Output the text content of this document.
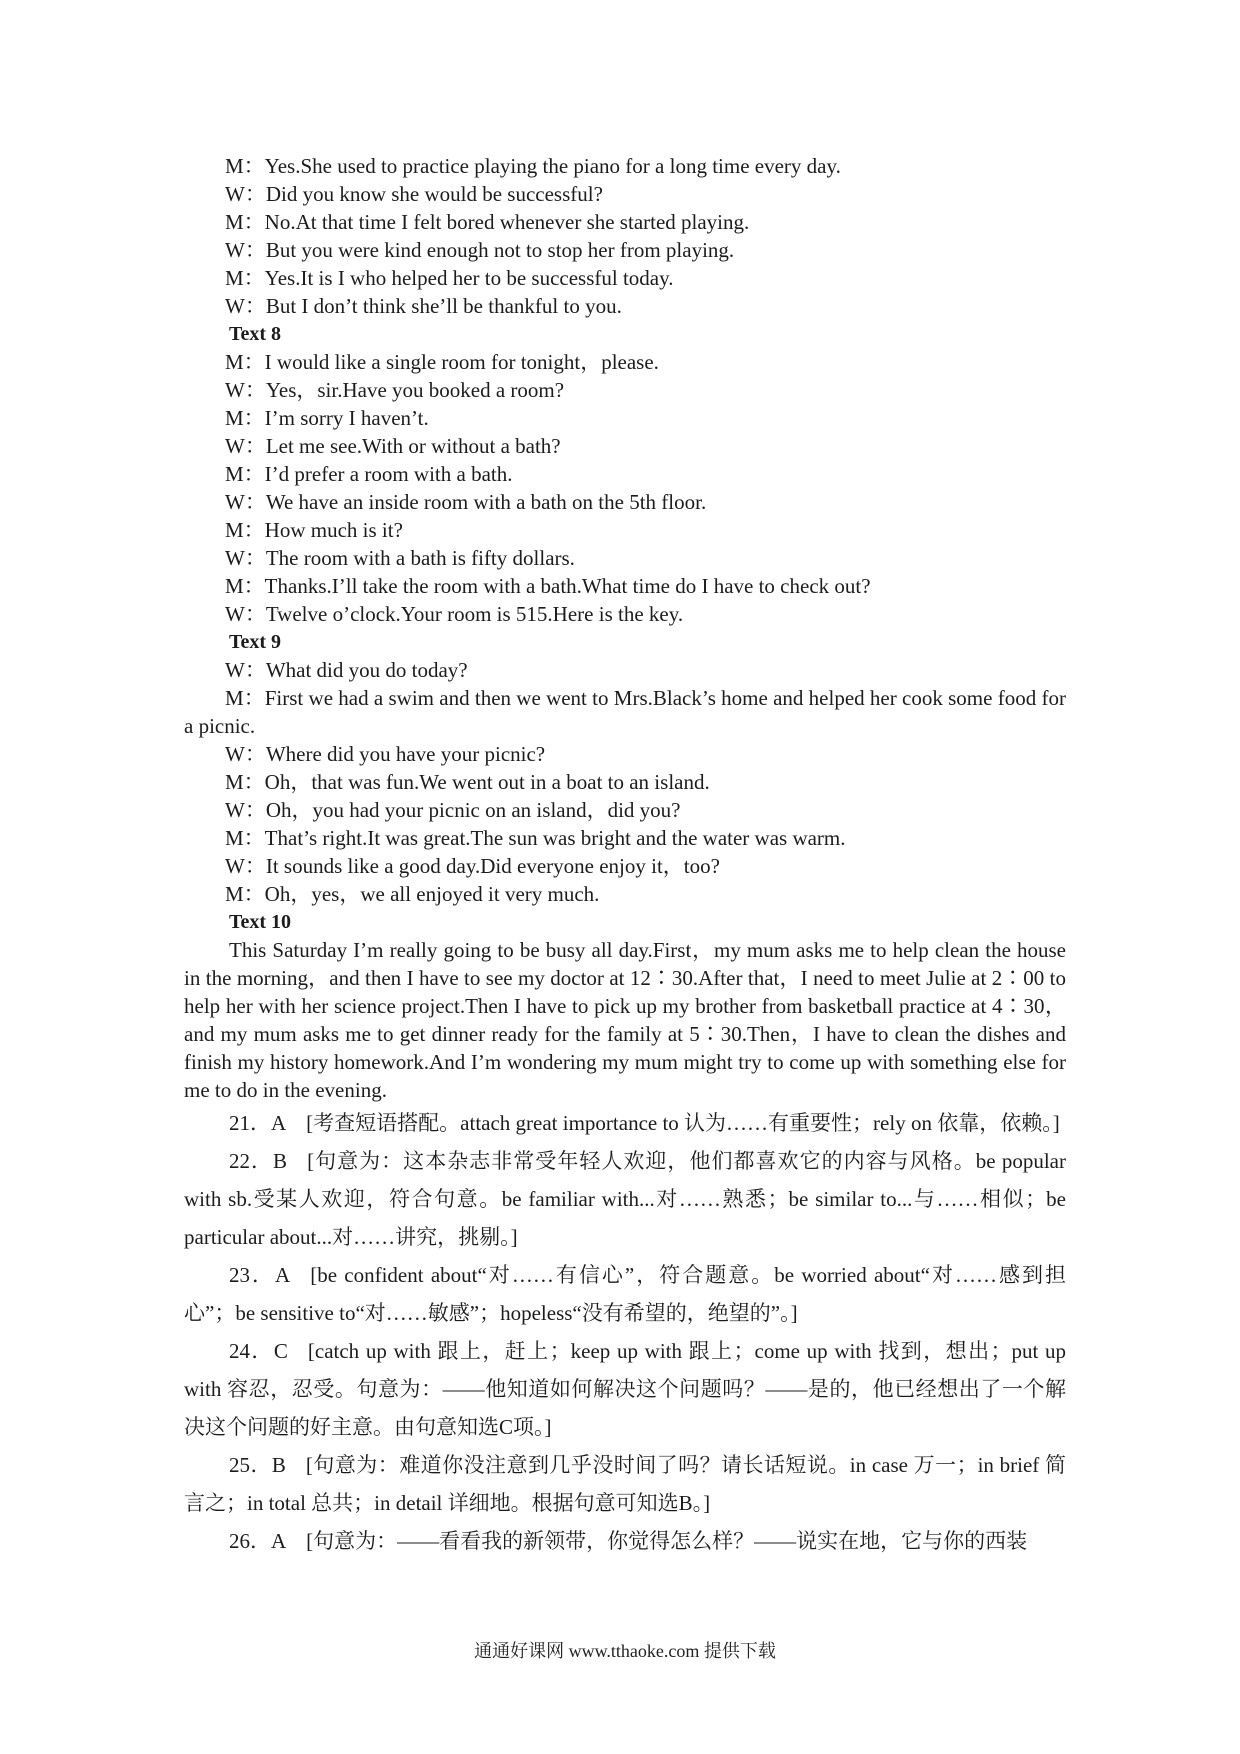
M：Yes.She used to practice playing the piano for a long time every day.

W：Did you know she would be successful?

M：No.At that time I felt bored whenever she started playing.

W：But you were kind enough not to stop her from playing.

M：Yes.It is I who helped her to be successful today.

W：But I don’t think she’ll be thankful to you.

Text 8

M：I would like a single room for tonight，please.

W：Yes，sir.Have you booked a room?

M：I’m sorry I haven’t.

W：Let me see.With or without a bath?

M：I’d prefer a room with a bath.

W：We have an inside room with a bath on the 5th floor.

M：How much is it?

W：The room with a bath is fifty dollars.

M：Thanks.I’ll take the room with a bath.What time do I have to check out?

W：Twelve o’clock.Your room is 515.Here is the key.

Text 9

W：What did you do today?

M：First we had a swim and then we went to Mrs.Black’s home and helped her cook some food for a picnic.

W：Where did you have your picnic?

M：Oh，that was fun.We went out in a boat to an island.

W：Oh，you had your picnic on an island，did you?

M：That’s right.It was great.The sun was bright and the water was warm.

W：It sounds like a good day.Did everyone enjoy it，too?

M：Oh，yes，we all enjoyed it very much.

Text 10

This Saturday I’m really going to be busy all day.First，my mum asks me to help clean the house in the morning，and then I have to see my doctor at 12∶30.After that，I need to meet Julie at 2∶00 to help her with her science project.Then I have to pick up my brother from basketball practice at 4∶30，and my mum asks me to get dinner ready for the family at 5∶30.Then，I have to clean the dishes and finish my history homework.And I’m wondering my mum might try to come up with something else for me to do in the evening.

21．A [考查短语搭配。attach great importance to 认为……有重要性；rely on 依靠，依赖。]

22．B [句意为：这本杂志非常受年轻人欢迎，他们都喜欢它的内容与风格。be popular with sb.受某人欢迎，符合句意。be familiar with...对……熟悉；be similar to...与……相似；be particular about...对……讲究，挑剔。]

23．A [be confident about“对……有信心”，符合题意。be worried about“对……感到担心”；be sensitive to“对……敏感”；hopeless“没有希望的，绝望的”。]

24．C [catch up with 跟上，赶上；keep up with 跟上；come up with 找到，想出；put up with 容忍，忍受。句意为：——他知道如何解决这个问题吗？——是的，他已经想出了一个解决这个问题的好主意。由句意知选C项。]

25．B [句意为：难道你没注意到几乎没时间了吗？请长话短说。in case 万一；in brief 简言之；in total 总共；in detail 详细地。根据句意可知选B。]

26．A [句意为：——看看我的新领带，你觉得怎么样？——说实在地，它与你的西装

通通好课网 www.tthaoke.com 提供下载
